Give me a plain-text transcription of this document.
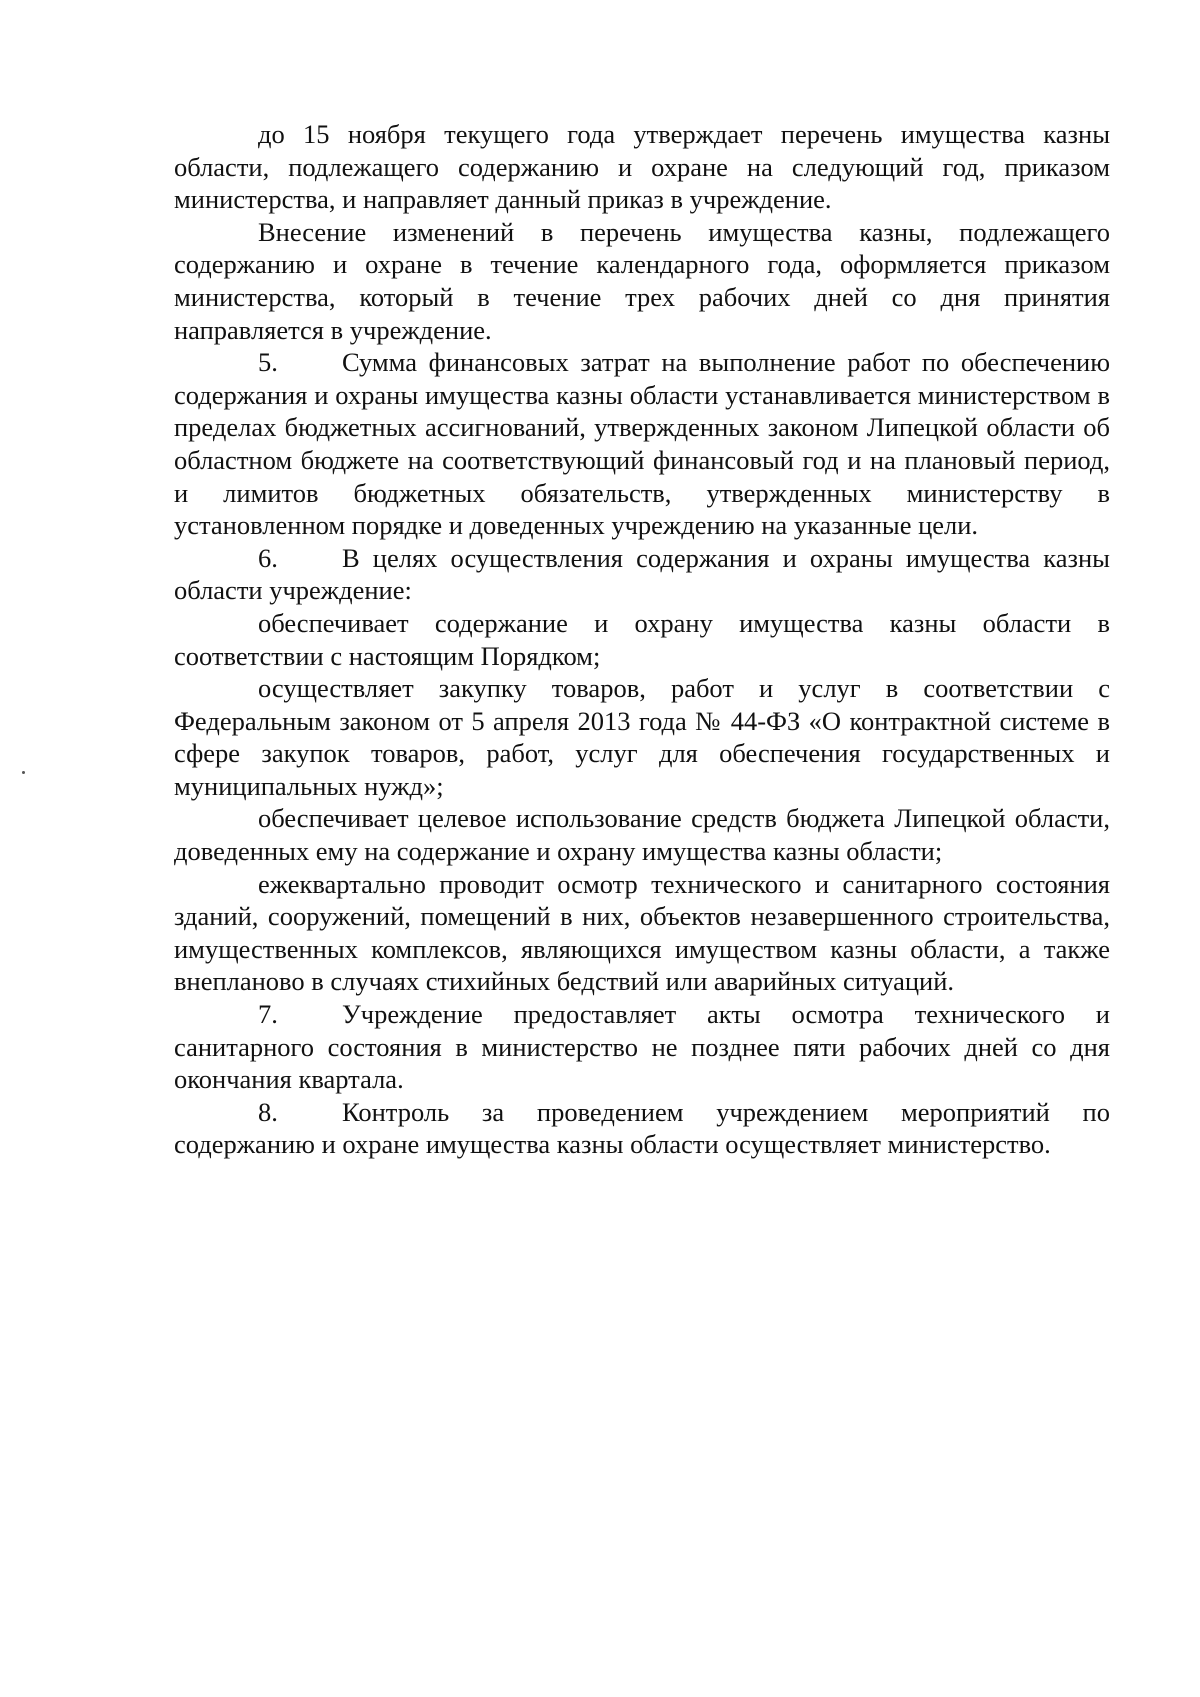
до 15 ноября текущего года утверждает перечень имущества казны области, подлежащего содержанию и охране на следующий год, приказом министерства, и направляет данный приказ в учреждение.

Внесение изменений в перечень имущества казны, подлежащего содержанию и охране в течение календарного года, оформляется приказом министерства, который в течение трех рабочих дней со дня принятия направляется в учреждение.

5. Сумма финансовых затрат на выполнение работ по обеспечению содержания и охраны имущества казны области устанавливается министерством в пределах бюджетных ассигнований, утвержденных законом Липецкой области об областном бюджете на соответствующий финансовый год и на плановый период, и лимитов бюджетных обязательств, утвержденных министерству в установленном порядке и доведенных учреждению на указанные цели.

6. В целях осуществления содержания и охраны имущества казны области учреждение:

обеспечивает содержание и охрану имущества казны области в соответствии с настоящим Порядком;

осуществляет закупку товаров, работ и услуг в соответствии с Федеральным законом от 5 апреля 2013 года № 44-ФЗ «О контрактной системе в сфере закупок товаров, работ, услуг для обеспечения государственных и муниципальных нужд»;

обеспечивает целевое использование средств бюджета Липецкой области, доведенных ему на содержание и охрану имущества казны области;

ежеквартально проводит осмотр технического и санитарного состояния зданий, сооружений, помещений в них, объектов незавершенного строительства, имущественных комплексов, являющихся имуществом казны области, а также внепланово в случаях стихийных бедствий или аварийных ситуаций.

7. Учреждение предоставляет акты осмотра технического и санитарного состояния в министерство не позднее пяти рабочих дней со дня окончания квартала.

8. Контроль за проведением учреждением мероприятий по содержанию и охране имущества казны области осуществляет министерство.
